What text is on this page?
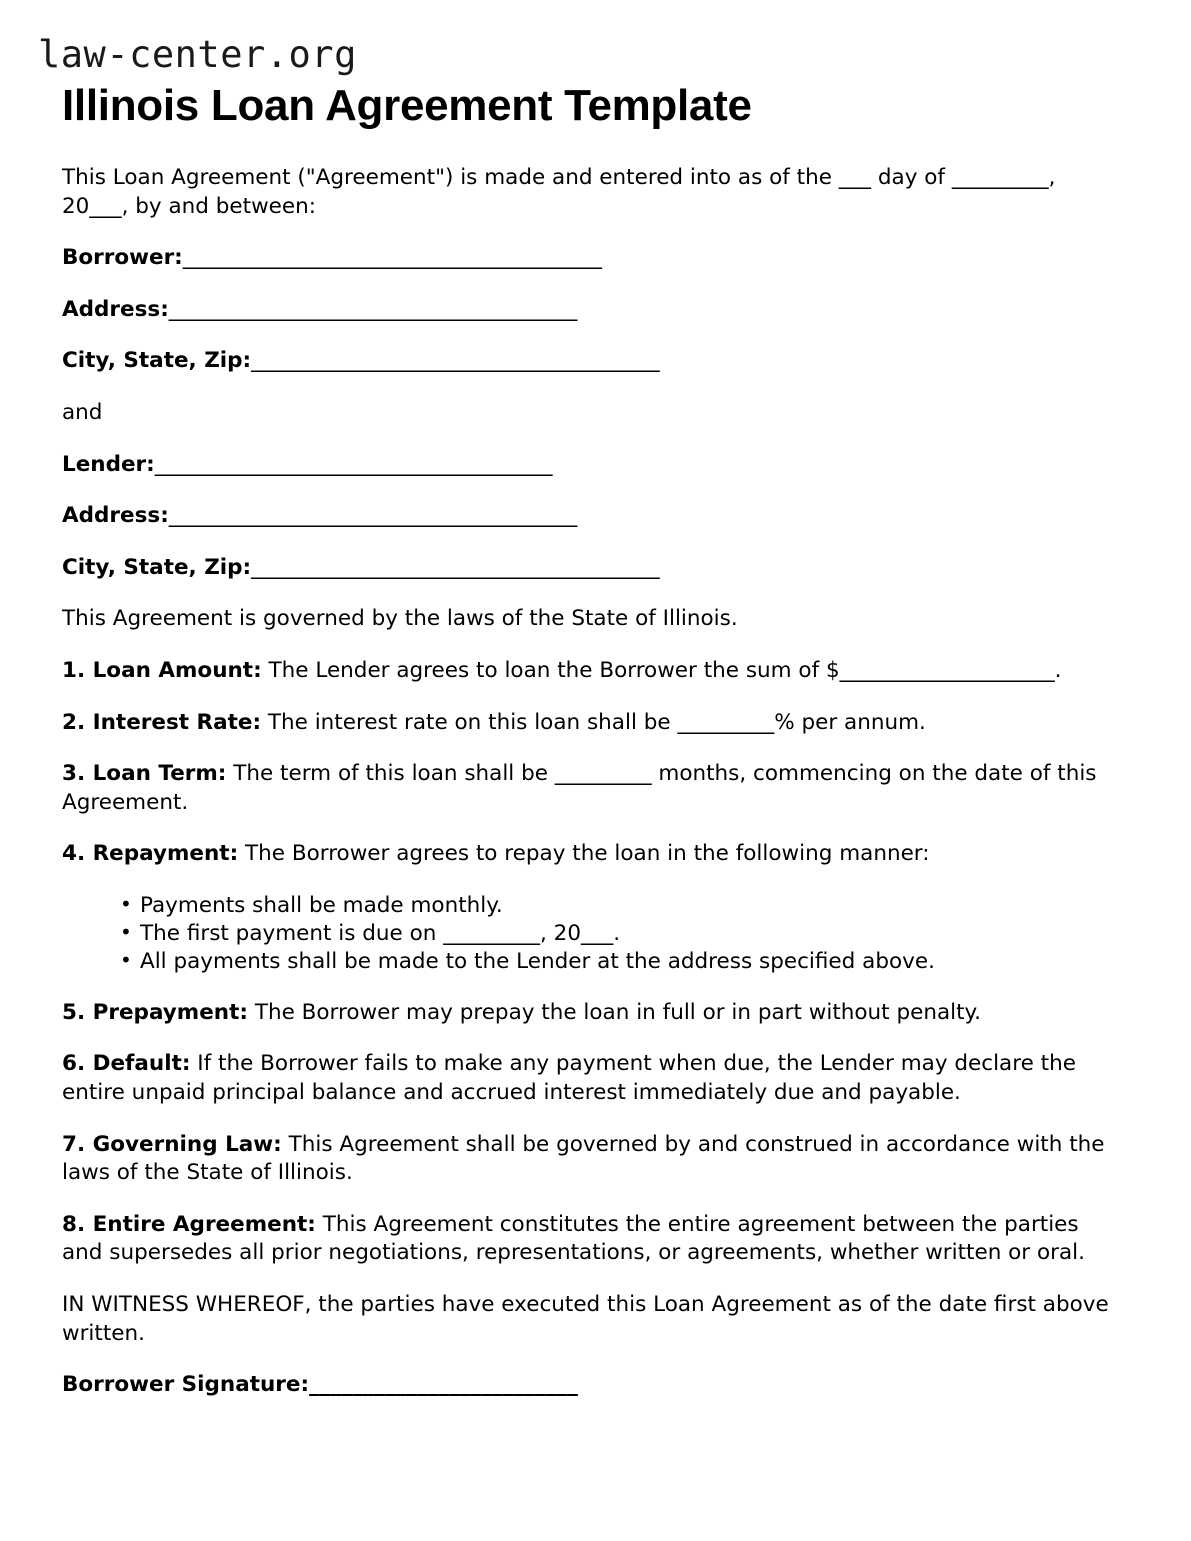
law-center.org
Illinois Loan Agreement Template

This Loan Agreement ("Agreement") is made and entered into as of the ___ day of _________, 20___, by and between:

Borrower:_______________________________________

Address:______________________________________

City, State, Zip:______________________________________

and

Lender:_____________________________________

Address:______________________________________

City, State, Zip:______________________________________

This Agreement is governed by the laws of the State of Illinois.

1. Loan Amount: The Lender agrees to loan the Borrower the sum of $____________________.

2. Interest Rate: The interest rate on this loan shall be _________% per annum.

3. Loan Term: The term of this loan shall be _________ months, commencing on the date of this Agreement.

4. Repayment: The Borrower agrees to repay the loan in the following manner:

• Payments shall be made monthly.
• The first payment is due on _________, 20___.
• All payments shall be made to the Lender at the address specified above.

5. Prepayment: The Borrower may prepay the loan in full or in part without penalty.

6. Default: If the Borrower fails to make any payment when due, the Lender may declare the entire unpaid principal balance and accrued interest immediately due and payable.

7. Governing Law: This Agreement shall be governed by and construed in accordance with the laws of the State of Illinois.

8. Entire Agreement: This Agreement constitutes the entire agreement between the parties and supersedes all prior negotiations, representations, or agreements, whether written or oral.

IN WITNESS WHEREOF, the parties have executed this Loan Agreement as of the date first above written.

Borrower Signature:_________________________
